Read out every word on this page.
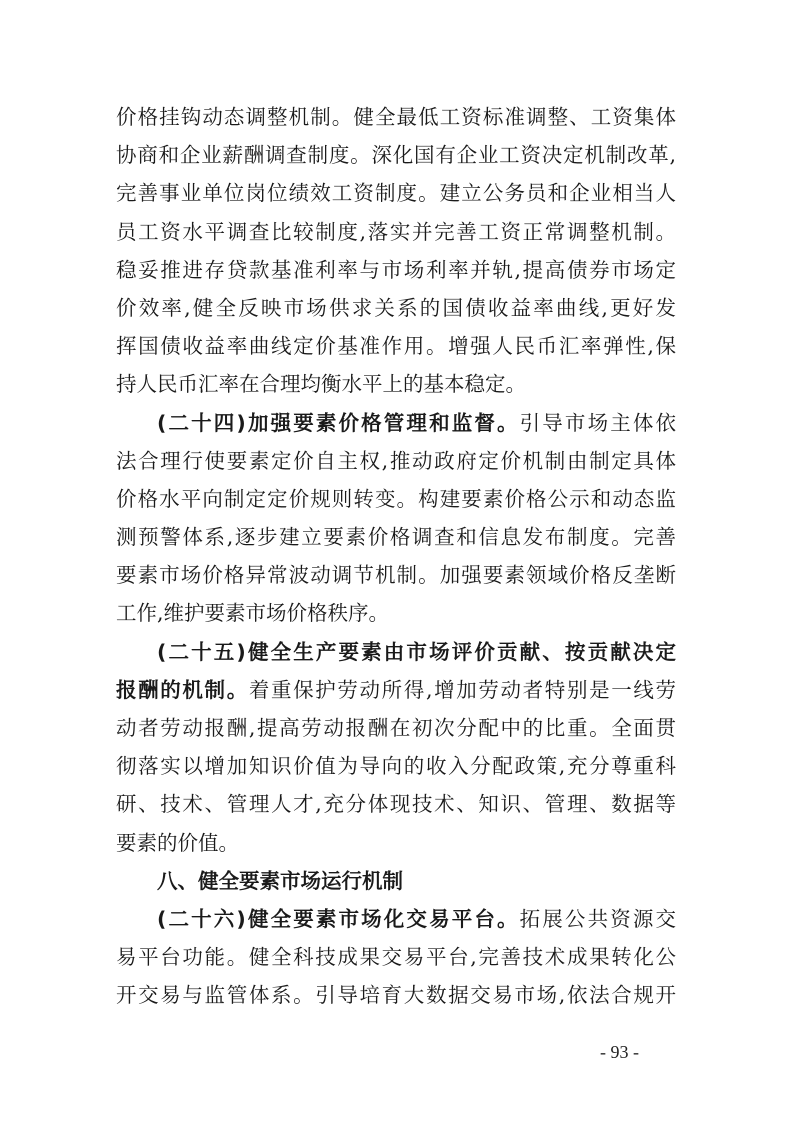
价格挂钩动态调整机制。健全最低工资标准调整、工资集体
协商和企业薪酬调查制度。深化国有企业工资决定机制改革,
完善事业单位岗位绩效工资制度。建立公务员和企业相当人
员工资水平调查比较制度,落实并完善工资正常调整机制。
稳妥推进存贷款基准利率与市场利率并轨,提高债券市场定
价效率,健全反映市场供求关系的国债收益率曲线,更好发
挥国债收益率曲线定价基准作用。增强人民币汇率弹性,保
持人民币汇率在合理均衡水平上的基本稳定。
(二十四)加强要素价格管理和监督。引导市场主体依
法合理行使要素定价自主权,推动政府定价机制由制定具体
价格水平向制定定价规则转变。构建要素价格公示和动态监
测预警体系,逐步建立要素价格调查和信息发布制度。完善
要素市场价格异常波动调节机制。加强要素领域价格反垄断
工作,维护要素市场价格秩序。
(二十五)健全生产要素由市场评价贡献、按贡献决定
报酬的机制。着重保护劳动所得,增加劳动者特别是一线劳
动者劳动报酬,提高劳动报酬在初次分配中的比重。全面贯
彻落实以增加知识价值为导向的收入分配政策,充分尊重科
研、技术、管理人才,充分体现技术、知识、管理、数据等
要素的价值。
八、健全要素市场运行机制
(二十六)健全要素市场化交易平台。拓展公共资源交
易平台功能。健全科技成果交易平台,完善技术成果转化公
开交易与监管体系。引导培育大数据交易市场,依法合规开
- 93 -
